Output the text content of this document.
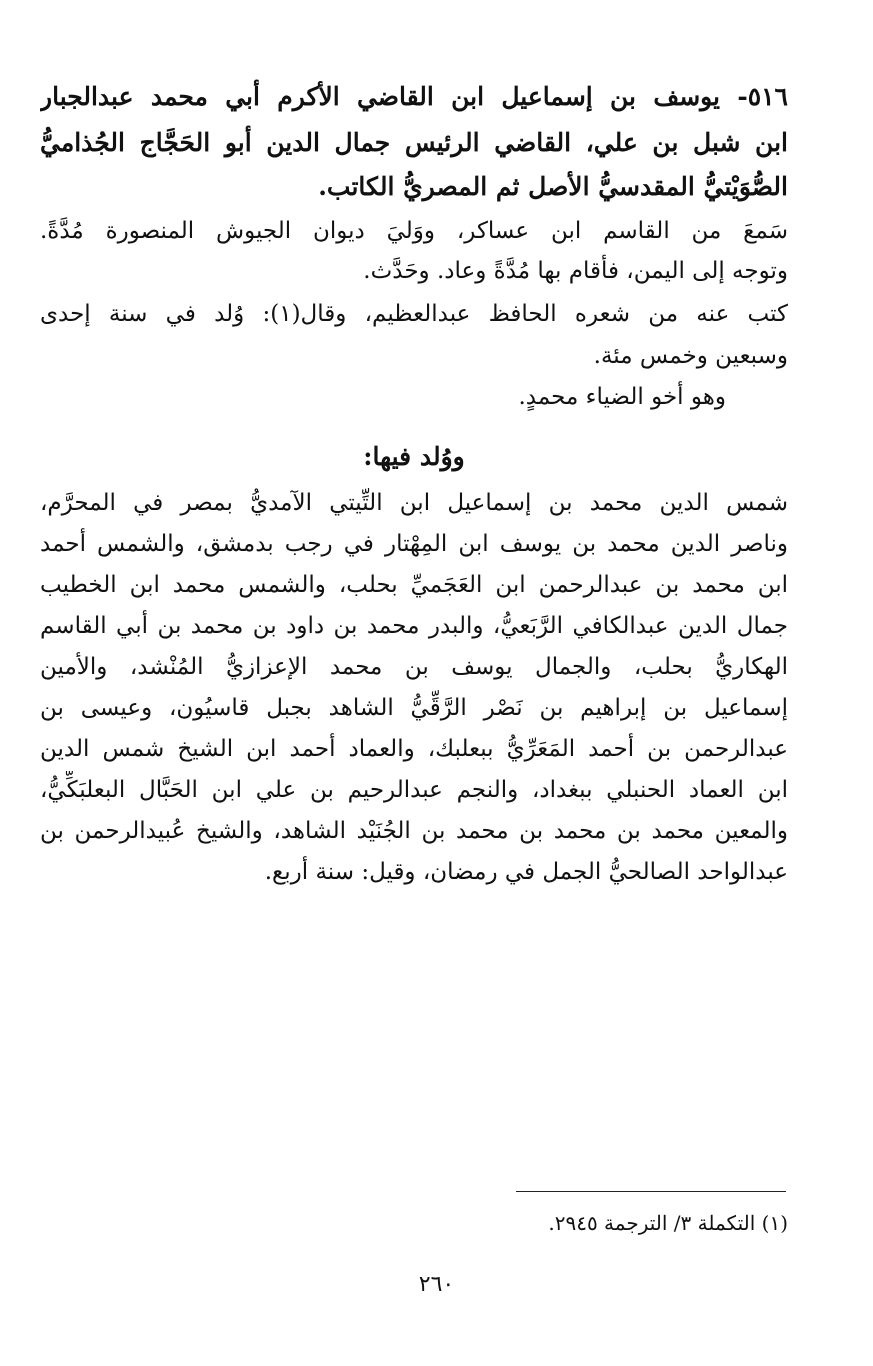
٥١٦- يوسف بن إسماعيل ابن القاضي الأكرم أبي محمد عبدالجبار
ابن شبل بن علي، القاضي الرئيس جمال الدين أبو الحَجَّاج الجُذاميُّ
الصُّوَيْتيُّ المقدسيُّ الأصل ثم المصريُّ الكاتب.
سَمعَ من القاسم ابن عساكر، ووَليَ ديوان الجيوش المنصورة مُدَّةً.
وتوجه إلى اليمن، فأقام بها مُدَّةً وعاد. وحَدَّث.
كتب عنه من شعره الحافظ عبدالعظيم، وقال(١): وُلد في سنة إحدى
وسبعين وخمس مئة.
وهو أخو الضياء محمدٍ.
ووُلد فيها:
شمس الدين محمد بن إسماعيل ابن التِّيتي الآمديُّ بمصر في المحرَّم،
وناصر الدين محمد بن يوسف ابن المِهْتار في رجب بدمشق، والشمس أحمد
ابن محمد بن عبدالرحمن ابن العَجَميِّ بحلب، والشمس محمد ابن الخطيب
جمال الدين عبدالكافي الرَّبَعيُّ، والبدر محمد بن داود بن محمد بن أبي القاسم
الهكاريُّ بحلب، والجمال يوسف بن محمد الإعزازيُّ المُنْشد، والأمين
إسماعيل بن إبراهيم بن نَصْر الرَّقِّيُّ الشاهد بجبل قاسيُون، وعيسى بن
عبدالرحمن بن أحمد المَعَرِّيُّ ببعلبك، والعماد أحمد ابن الشيخ شمس الدين
ابن العماد الحنبلي ببغداد، والنجم عبدالرحيم بن علي ابن الحَبَّال البعلبَكِّيُّ،
والمعين محمد بن محمد بن محمد بن الجُنَيْد الشاهد، والشيخ عُبيدالرحمن بن
عبدالواحد الصالحيُّ الجمل في رمضان، وقيل: سنة أربع.
(١) التكملة ٣/ الترجمة ٢٩٤٥.
٢٦٠
